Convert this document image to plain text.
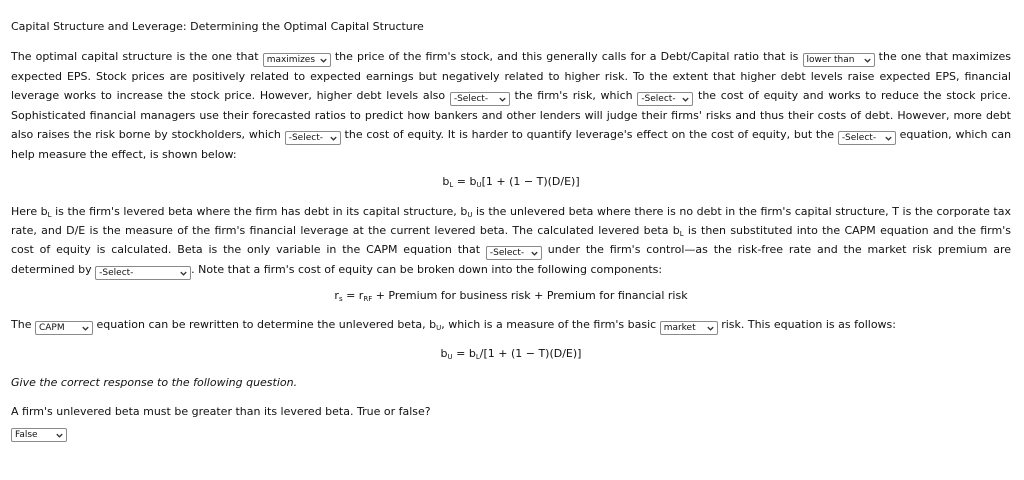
Capital Structure and Leverage: Determining the Optimal Capital Structure
The optimal capital structure is the one that maximizes the price of the firm's stock, and this generally calls for a Debt/Capital ratio that is lower than the one that maximizes expected EPS. Stock prices are positively related to expected earnings but negatively related to higher risk. To the extent that higher debt levels raise expected EPS, financial leverage works to increase the stock price. However, higher debt levels also -Select- the firm's risk, which -Select- the cost of equity and works to reduce the stock price. Sophisticated financial managers use their forecasted ratios to predict how bankers and other lenders will judge their firms' risks and thus their costs of debt. However, more debt also raises the risk borne by stockholders, which -Select- the cost of equity. It is harder to quantify leverage's effect on the cost of equity, but the -Select- equation, which can help measure the effect, is shown below:
$b_L = b_U[1 + (1 - T)(D/E)]$
Here $b_L$ is the firm's levered beta where the firm has debt in its capital structure, $b_U$ is the unlevered beta where there is no debt in the firm's capital structure, T is the corporate tax rate, and D/E is the measure of the firm's financial leverage at the current levered beta. The calculated levered beta $b_L$ is then substituted into the CAPM equation and the firm's cost of equity is calculated. Beta is the only variable in the CAPM equation that -Select- under the firm's control—as the risk-free rate and the market risk premium are determined by -Select-	. Note that a firm's cost of equity can be broken down into the following components:
$r_s = r_{RF}$ + Premium for business risk + Premium for financial risk
The CAPM	equation can be rewritten to determine the unlevered beta, $b_U$, which is a measure of the firm's basic market risk. This equation is as follows:
$b_U = b_L/[1 + (1 - T)(D/E)]$
Give the correct response to the following question.
A firm's unlevered beta must be greater than its levered beta. True or false?
False
